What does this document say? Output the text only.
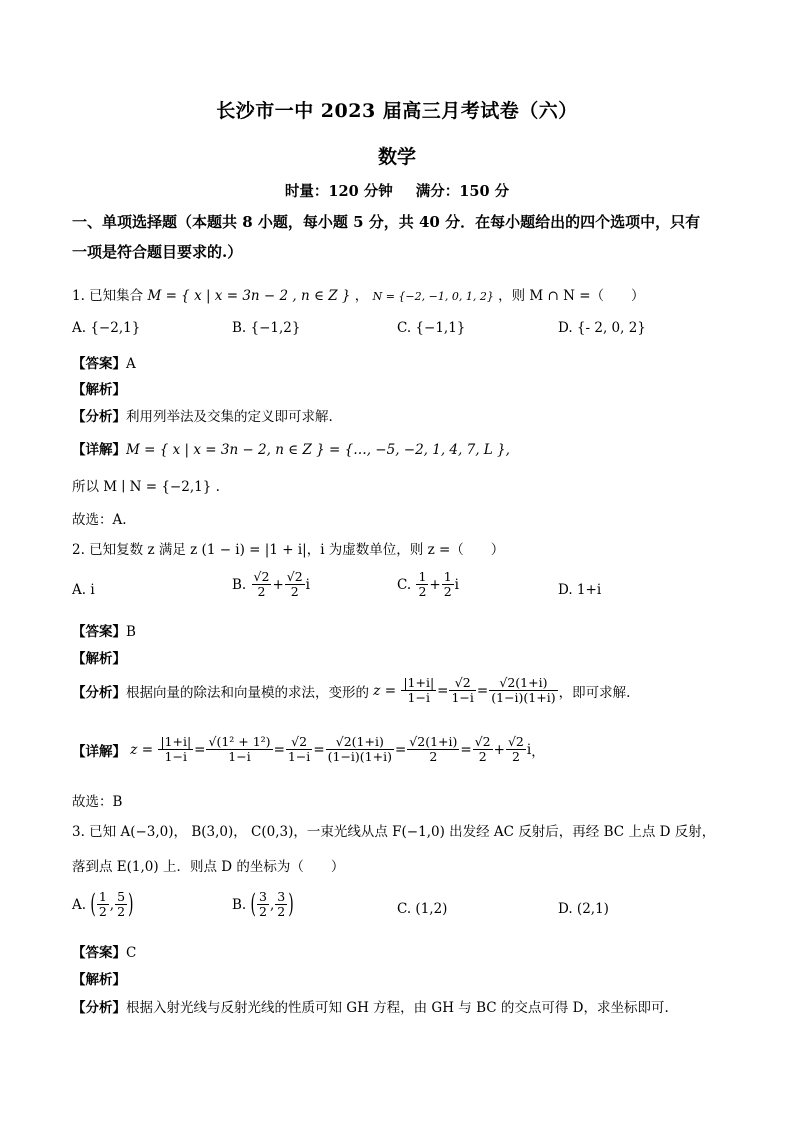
长沙市一中 2023 届高三月考试卷（六）
数学
时量：120 分钟 满分：150 分
一、单项选择题（本题共 8 小题，每小题 5 分，共 40 分．在每小题给出的四个选项中，只有
一项是符合题目要求的.）
1. 已知集合 M = { x | x = 3n − 2 , n ∈ Z } ， N = {−2, −1, 0, 1, 2} ，则 M ∩ N =（　　）
A. {−2,1}	B. {−1,2}	C. {−1,1}	D. {- 2, 0, 2}
【答案】A
【解析】
【分析】利用列举法及交集的定义即可求解.
【详解】M = { x | x = 3n − 2, n ∈ Z } = {…, −5, −2, 1, 4, 7, L },
所以 M ∣ N = {−2,1} .
故选：A.
2. 已知复数 z 满足 z (1 − i) = |1 + i|，i 为虚数单位，则 z =（　　）
A. i	B. $\frac{√2}{2} + \frac{√2}{2}$ i	C. $\frac{1}{2} + \frac{1}{2}$ i	D. 1+i
【答案】B
【解析】
【分析】根据向量的除法和向量模的求法，变形的 $z = \frac{|1+i|}{1-i} = \frac{√2}{1-i} = \frac{√2(1+i)}{(1-i)(1+i)}$ ，即可求解.
【详解】 $z = \frac{|1+i|}{1-i} = \frac{\text{√(1² + 1²)}}{1-i} = \frac{√2}{1-i} = \frac{√2(1+i)}{(1-i)(1+i)} = \frac{√2(1+i)}{2} = \frac{√2}{2} + \frac{√2}{2}$ i，
故选：B
3. 已知 A(−3,0)， B(3,0)， C(0,3)，一束光线从点 F(−1,0) 出发经 AC 反射后，再经 BC 上点 D 反射，
落到点 E(1,0) 上．则点 D 的坐标为（　　）
A. ( $\frac{1}{2}$ , $\frac{5}{2}$ )	B. ( $\frac{3}{2}$ , $\frac{3}{2}$ )	C. (1,2)	D. (2,1)
【答案】C
【解析】
【分析】根据入射光线与反射光线的性质可知 GH 方程，由 GH 与 BC 的交点可得 D，求坐标即可.
